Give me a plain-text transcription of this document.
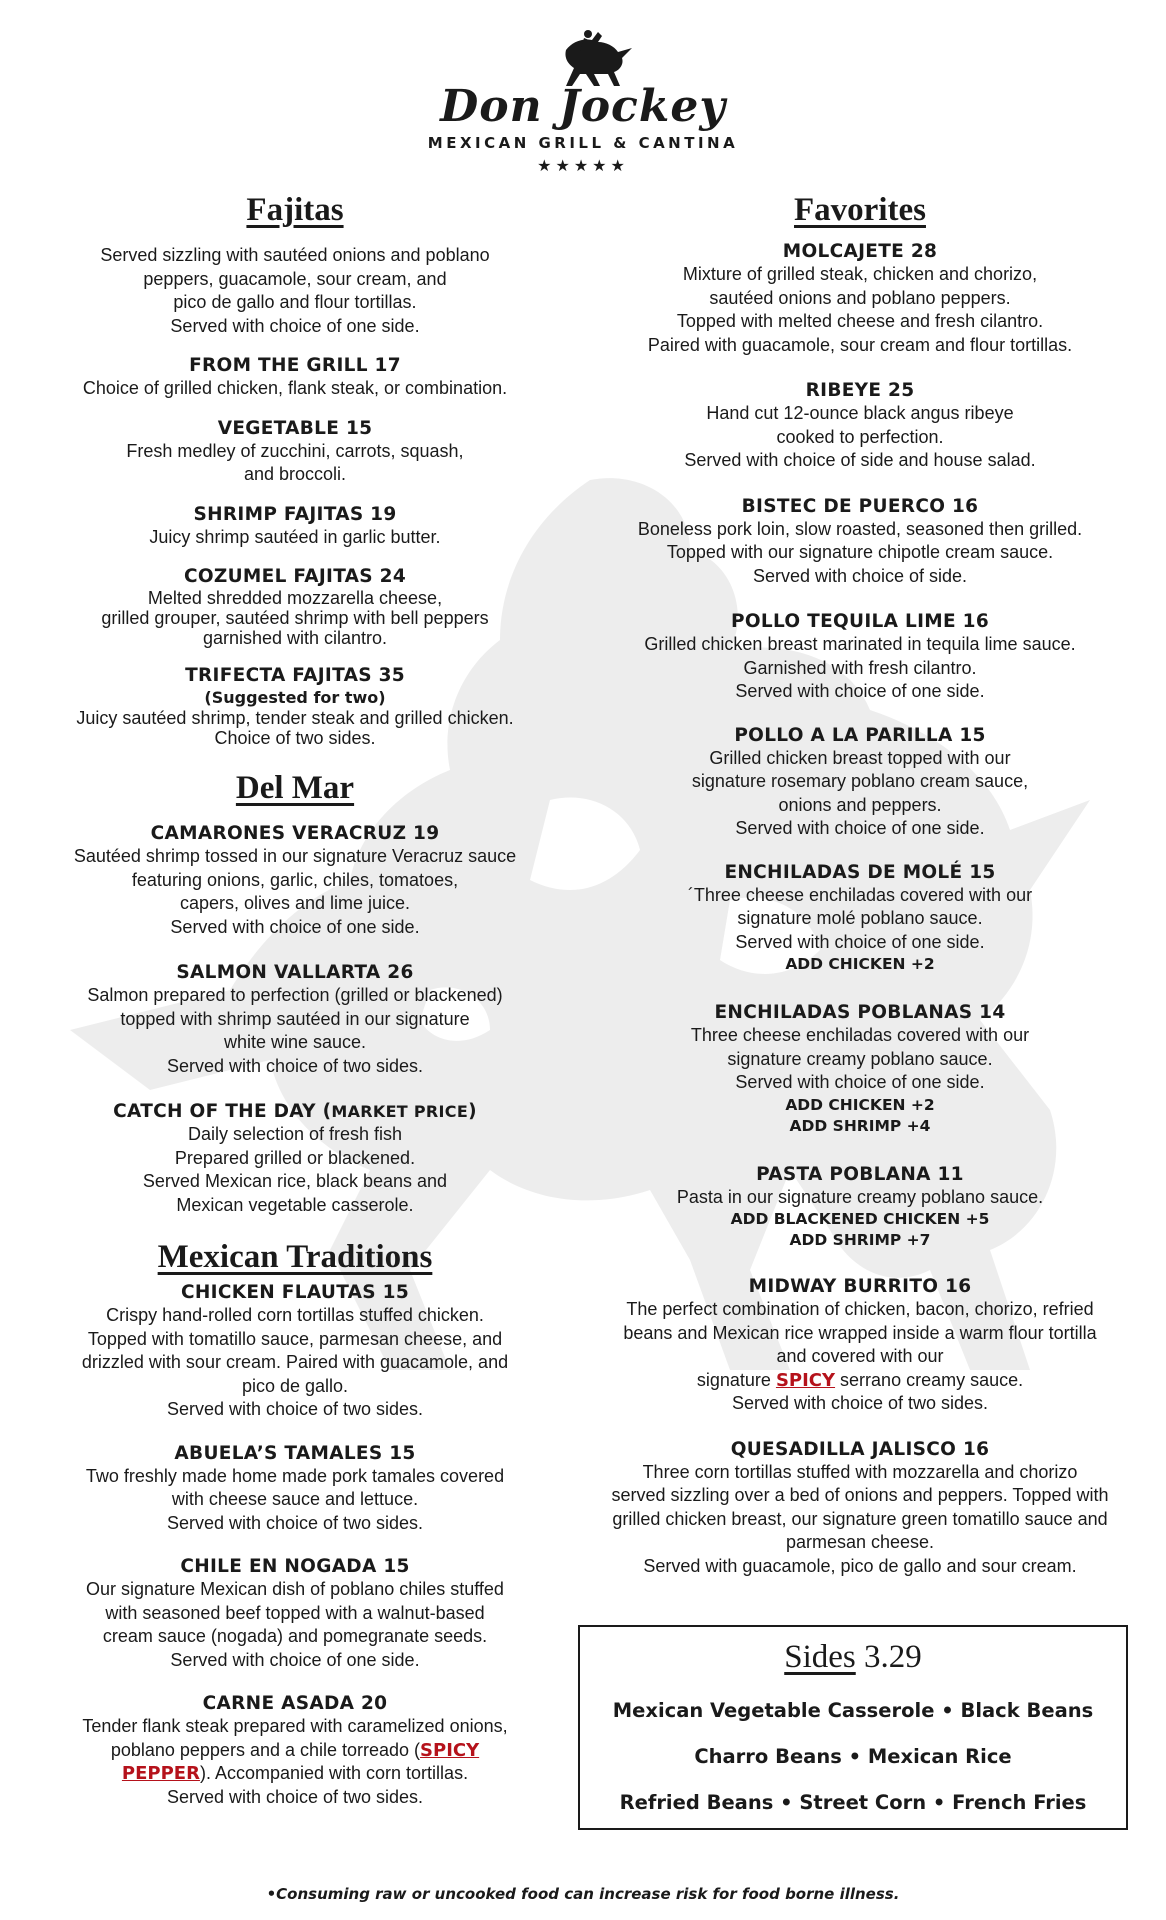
Don Jockey
MEXICAN GRILL & CANTINA
★★★★★
Fajitas
Served sizzling with sautéed onions and poblano
peppers, guacamole, sour cream, and
pico de gallo and flour tortillas.
Served with choice of one side.
FROM THE GRILL 17
Choice of grilled chicken, flank steak, or combination.
VEGETABLE 15
Fresh medley of zucchini, carrots, squash,
and broccoli.
SHRIMP FAJITAS 19
Juicy shrimp sautéed in garlic butter.
COZUMEL FAJITAS 24
Melted shredded mozzarella cheese,
grilled grouper, sautéed shrimp with bell peppers
garnished with cilantro.
TRIFECTA FAJITAS 35
(Suggested for two)
Juicy sautéed shrimp, tender steak and grilled chicken.
Choice of two sides.
Del Mar
CAMARONES VERACRUZ 19
Sautéed shrimp tossed in our signature Veracruz sauce
featuring onions, garlic, chiles, tomatoes,
capers, olives and lime juice.
Served with choice of one side.
SALMON VALLARTA 26
Salmon prepared to perfection (grilled or blackened)
topped with shrimp sautéed in our signature
white wine sauce.
Served with choice of two sides.
CATCH OF THE DAY (MARKET PRICE)
Daily selection of fresh fish
Prepared grilled or blackened.
Served Mexican rice, black beans and
Mexican vegetable casserole.
Mexican Traditions
CHICKEN FLAUTAS 15
Crispy hand-rolled corn tortillas stuffed chicken.
Topped with tomatillo sauce, parmesan cheese, and
drizzled with sour cream. Paired with guacamole, and
pico de gallo.
Served with choice of two sides.
ABUELA’S TAMALES 15
Two freshly made home made pork tamales covered
with cheese sauce and lettuce.
Served with choice of two sides.
CHILE EN NOGADA 15
Our signature Mexican dish of poblano chiles stuffed
with seasoned beef topped with a walnut-based
cream sauce (nogada) and pomegranate seeds.
Served with choice of one side.
CARNE ASADA 20
Tender flank steak prepared with caramelized onions,
poblano peppers and a chile torreado (SPICY
PEPPER). Accompanied with corn tortillas.
Served with choice of two sides.
Favorites
MOLCAJETE 28
Mixture of grilled steak, chicken and chorizo,
sautéed onions and poblano peppers.
Topped with melted cheese and fresh cilantro.
Paired with guacamole, sour cream and flour tortillas.
RIBEYE 25
Hand cut 12-ounce black angus ribeye
cooked to perfection.
Served with choice of side and house salad.
BISTEC DE PUERCO 16
Boneless pork loin, slow roasted, seasoned then grilled.
Topped with our signature chipotle cream sauce.
Served with choice of side.
POLLO TEQUILA LIME 16
Grilled chicken breast marinated in tequila lime sauce.
Garnished with fresh cilantro.
Served with choice of one side.
POLLO A LA PARILLA 15
Grilled chicken breast topped with our
signature rosemary poblano cream sauce,
onions and peppers.
Served with choice of one side.
ENCHILADAS DE MOLÉ 15
´Three cheese enchiladas covered with our
signature molé poblano sauce.
Served with choice of one side.
ADD CHICKEN +2
ENCHILADAS POBLANAS 14
Three cheese enchiladas covered with our
signature creamy poblano sauce.
Served with choice of one side.
ADD CHICKEN +2
ADD SHRIMP +4
PASTA POBLANA 11
Pasta in our signature creamy poblano sauce.
ADD BLACKENED CHICKEN +5
ADD SHRIMP +7
MIDWAY BURRITO 16
The perfect combination of chicken, bacon, chorizo, refried
beans and Mexican rice wrapped inside a warm flour tortilla
and covered with our
signature SPICY serrano creamy sauce.
Served with choice of two sides.
QUESADILLA JALISCO 16
Three corn tortillas stuffed with mozzarella and chorizo
served sizzling over a bed of onions and peppers. Topped with
grilled chicken breast, our signature green tomatillo sauce and
parmesan cheese.
Served with guacamole, pico de gallo and sour cream.
Sides 3.29
Mexican Vegetable Casserole • Black Beans
Charro Beans • Mexican Rice
Refried Beans • Street Corn • French Fries
•Consuming raw or uncooked food can increase risk for food borne illness.
